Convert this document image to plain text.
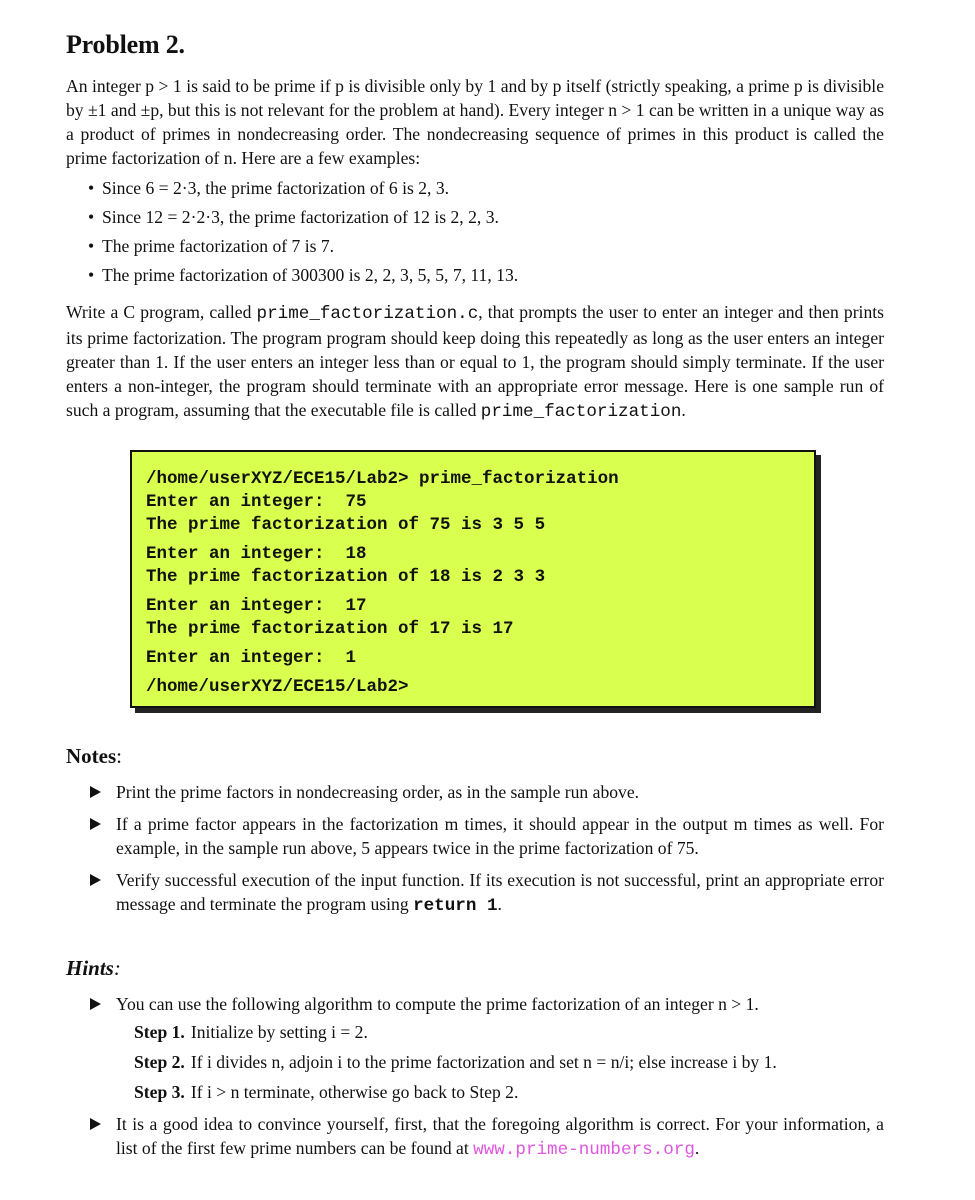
Problem 2.

An integer p > 1 is said to be prime if p is divisible only by 1 and by p itself (strictly speaking, a prime p is divisible by ±1 and ±p, but this is not relevant for the problem at hand). Every integer n > 1 can be written in a unique way as a product of primes in nondecreasing order. The nondecreasing sequence of primes in this product is called the prime factorization of n. Here are a few examples:

• Since 6 = 2·3, the prime factorization of 6 is 2, 3.
• Since 12 = 2·2·3, the prime factorization of 12 is 2, 2, 3.
• The prime factorization of 7 is 7.
• The prime factorization of 300300 is 2, 2, 3, 5, 5, 7, 11, 13.

Write a C program, called prime_factorization.c, that prompts the user to enter an integer and then prints its prime factorization. The program program should keep doing this repeatedly as long as the user enters an integer greater than 1. If the user enters an integer less than or equal to 1, the program should simply terminate. If the user enters a non-integer, the program should terminate with an appropriate error message. Here is one sample run of such a program, assuming that the executable file is called prime_factorization.

/home/userXYZ/ECE15/Lab2> prime_factorization
Enter an integer:  75
The prime factorization of 75 is 3 5 5
Enter an integer:  18
The prime factorization of 18 is 2 3 3
Enter an integer:  17
The prime factorization of 17 is 17
Enter an integer:  1
/home/userXYZ/ECE15/Lab2>
Notes:
Print the prime factors in nondecreasing order, as in the sample run above.
If a prime factor appears in the factorization m times, it should appear in the output m times as well. For example, in the sample run above, 5 appears twice in the prime factorization of 75.
Verify successful execution of the input function. If its execution is not successful, print an appropriate error message and terminate the program using return 1.
Hints:
You can use the following algorithm to compute the prime factorization of an integer n > 1.
Step 1. Initialize by setting i = 2.
Step 2. If i divides n, adjoin i to the prime factorization and set n = n/i; else increase i by 1.
Step 3. If i > n terminate, otherwise go back to Step 2.
It is a good idea to convince yourself, first, that the foregoing algorithm is correct. For your information, a list of the first few prime numbers can be found at www.prime-numbers.org.
